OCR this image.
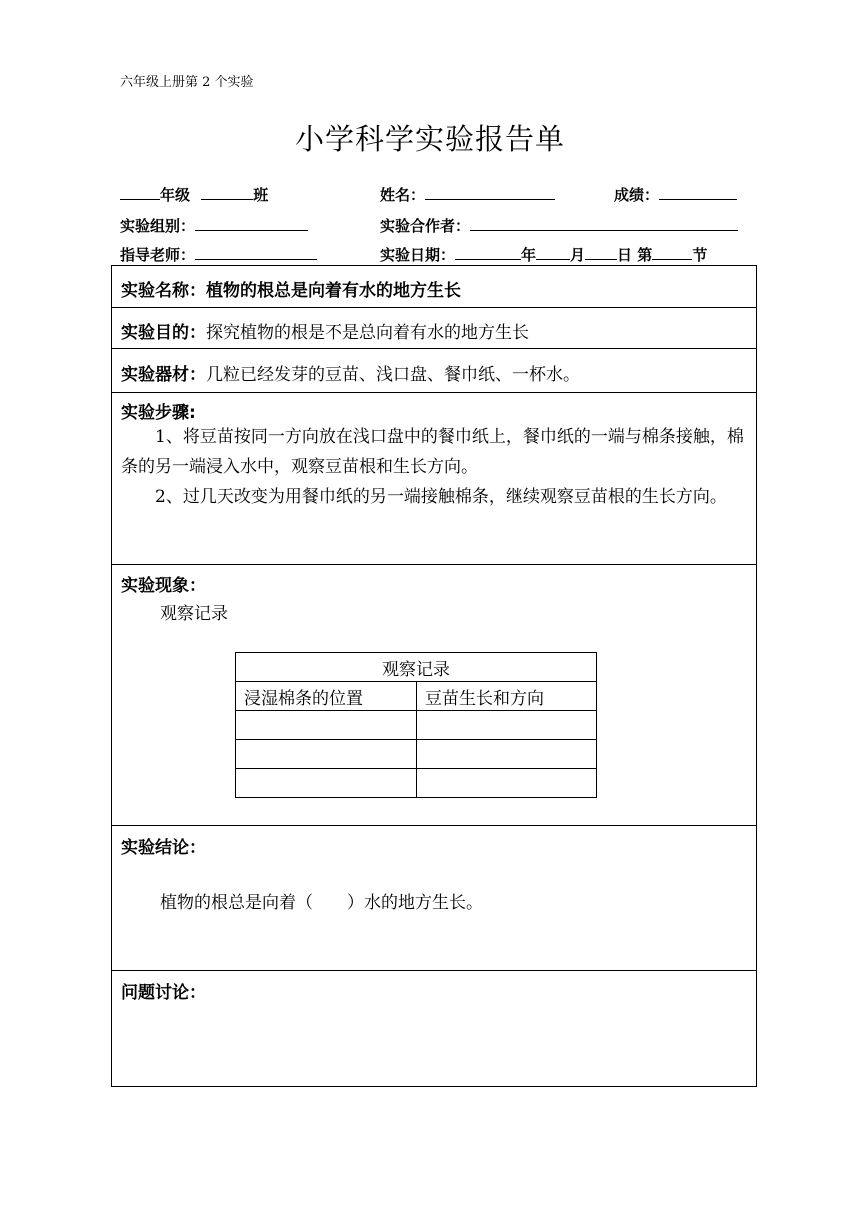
六年级上册第 2 个实验
小学科学实验报告单
年级	班	姓名：	成绩：
实验组别：	实验合作者：
指导老师：	实验日期：	年 月 日 第	节
实验名称：植物的根总是向着有水的地方生长
实验目的：探究植物的根是不是总向着有水的地方生长
实验器材：几粒已经发芽的豆苗、浅口盘、餐巾纸、一杯水。
实验步骤:
1、将豆苗按同一方向放在浅口盘中的餐巾纸上，餐巾纸的一端与棉条接触，棉条的另一端浸入水中，观察豆苗根和生长方向。
2、过几天改变为用餐巾纸的另一端接触棉条，继续观察豆苗根的生长方向。
实验现象：
观察记录
观察记录	
浸湿棉条的位置	豆苗生长和方向

实验结论：
植物的根总是向着（　　）水的地方生长。
问题讨论：
